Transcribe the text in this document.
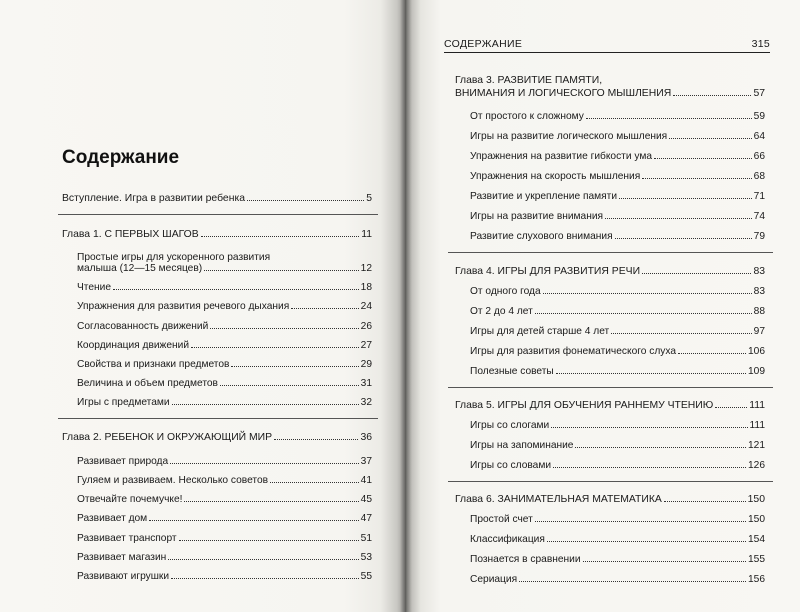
Содержание
Вступление. Игра в развитии ребенка	5
Глава 1. С ПЕРВЫХ ШАГОВ	11
Простые игры для ускоренного развития
малыша (12—15 месяцев)	12
Чтение	18
Упражнения для развития речевого дыхания	24
Согласованность движений	26
Координация движений	27
Свойства и признаки предметов	29
Величина и объем предметов	31
Игры с предметами	32
Глава 2. РЕБЕНОК И ОКРУЖАЮЩИЙ МИР	36
Развивает природа	37
Гуляем и развиваем. Несколько советов	41
Отвечайте почемучке!	45
Развивает дом	47
Развивает транспорт	51
Развивает магазин	53
Развивают игрушки	55
СОДЕРЖАНИЕ	315
Глава 3. РАЗВИТИЕ ПАМЯТИ,
ВНИМАНИЯ И ЛОГИЧЕСКОГО МЫШЛЕНИЯ	57
От простого к сложному	59
Игры на развитие логического мышления	64
Упражнения на развитие гибкости ума	66
Упражнения на скорость мышления	68
Развитие и укрепление памяти	71
Игры на развитие внимания	74
Развитие слухового внимания	79
Глава 4. ИГРЫ ДЛЯ РАЗВИТИЯ РЕЧИ	83
От одного года	83
От 2 до 4 лет	88
Игры для детей старше 4 лет	97
Игры для развития фонематического слуха	106
Полезные советы	109
Глава 5. ИГРЫ ДЛЯ ОБУЧЕНИЯ РАННЕМУ ЧТЕНИЮ	111
Игры со слогами	111
Игры на запоминание	121
Игры со словами	126
Глава 6. ЗАНИМАТЕЛЬНАЯ МАТЕМАТИКА	150
Простой счет	150
Классификация	154
Познается в сравнении	155
Сериация	156
